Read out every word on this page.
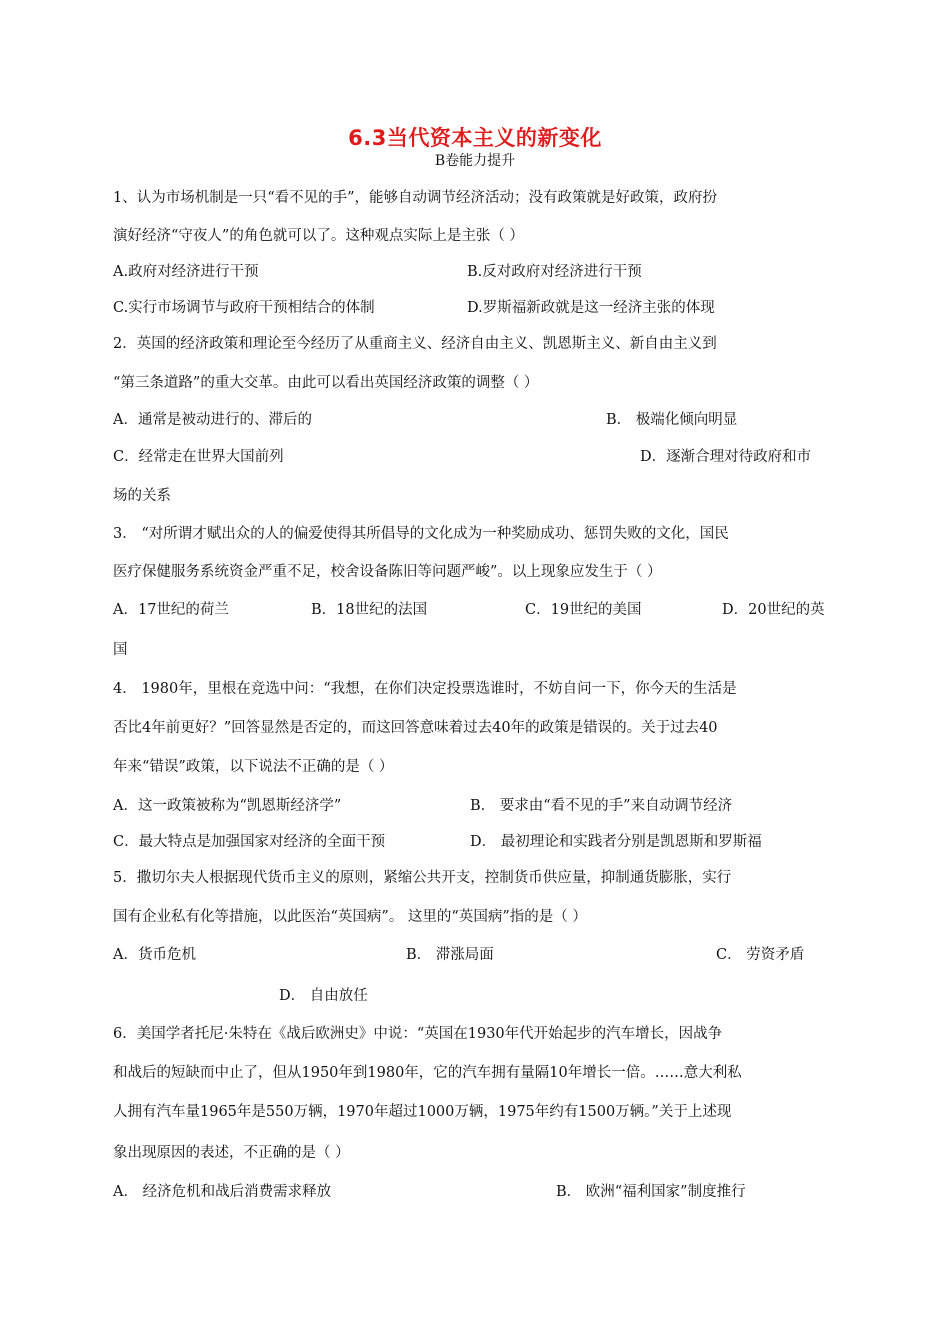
6.3当代资本主义的新变化
B卷能力提升
1、认为市场机制是一只“看不见的手”，能够自动调节经济活动；没有政策就是好政策，政府扮
演好经济“守夜人”的角色就可以了。这种观点实际上是主张（ ）
A.政府对经济进行干预	B.反对政府对经济进行干预
C.实行市场调节与政府干预相结合的体制	D.罗斯福新政就是这一经济主张的体现
2．英国的经济政策和理论至今经历了从重商主义、经济自由主义、凯恩斯主义、新自由主义到
“第三条道路”的重大交革。由此可以看出英国经济政策的调整（ ）
A．通常是被动进行的、滞后的	B． 极端化倾向明显
C．经常走在世界大国前列	D．逐渐合理对待政府和市
场的关系
3． “对所谓才赋出众的人的偏爱使得其所倡导的文化成为一种奖励成功、惩罚失败的文化，国民
医疗保健服务系统资金严重不足，校舍设备陈旧等问题严峻”。以上现象应发生于（ ）
A．17世纪的荷兰	B．18世纪的法国	C．19世纪的美国	D．20世纪的英
国
4． 1980年，里根在竞选中问：“我想，在你们决定投票选谁时，不妨自问一下，你今天的生活是
否比4年前更好？”回答显然是否定的，而这回答意味着过去40年的政策是错误的。关于过去40
年来“错误”政策，以下说法不正确的是（ ）
A．这一政策被称为“凯恩斯经济学”	B． 要求由“看不见的手”来自动调节经济
C．最大特点是加强国家对经济的全面干预	D． 最初理论和实践者分别是凯恩斯和罗斯福
5．撒切尔夫人根据现代货币主义的原则，紧缩公共开支，控制货币供应量，抑制通货膨胀，实行
国有企业私有化等措施，以此医治“英国病”。 这里的“英国病”指的是（ ）
A．货币危机	B． 滞涨局面	C． 劳资矛盾
D． 自由放任
6．美国学者托尼·朱特在《战后欧洲史》中说：“英国在1930年代开始起步的汽车增长，因战争
和战后的短缺而中止了，但从1950年到1980年，它的汽车拥有量隔10年增长一倍。……意大利私
人拥有汽车量1965年是550万辆，1970年超过1000万辆，1975年约有1500万辆。”关于上述现
象出现原因的表述，不正确的是（ ）
A． 经济危机和战后消费需求释放	B． 欧洲“福利国家”制度推行
